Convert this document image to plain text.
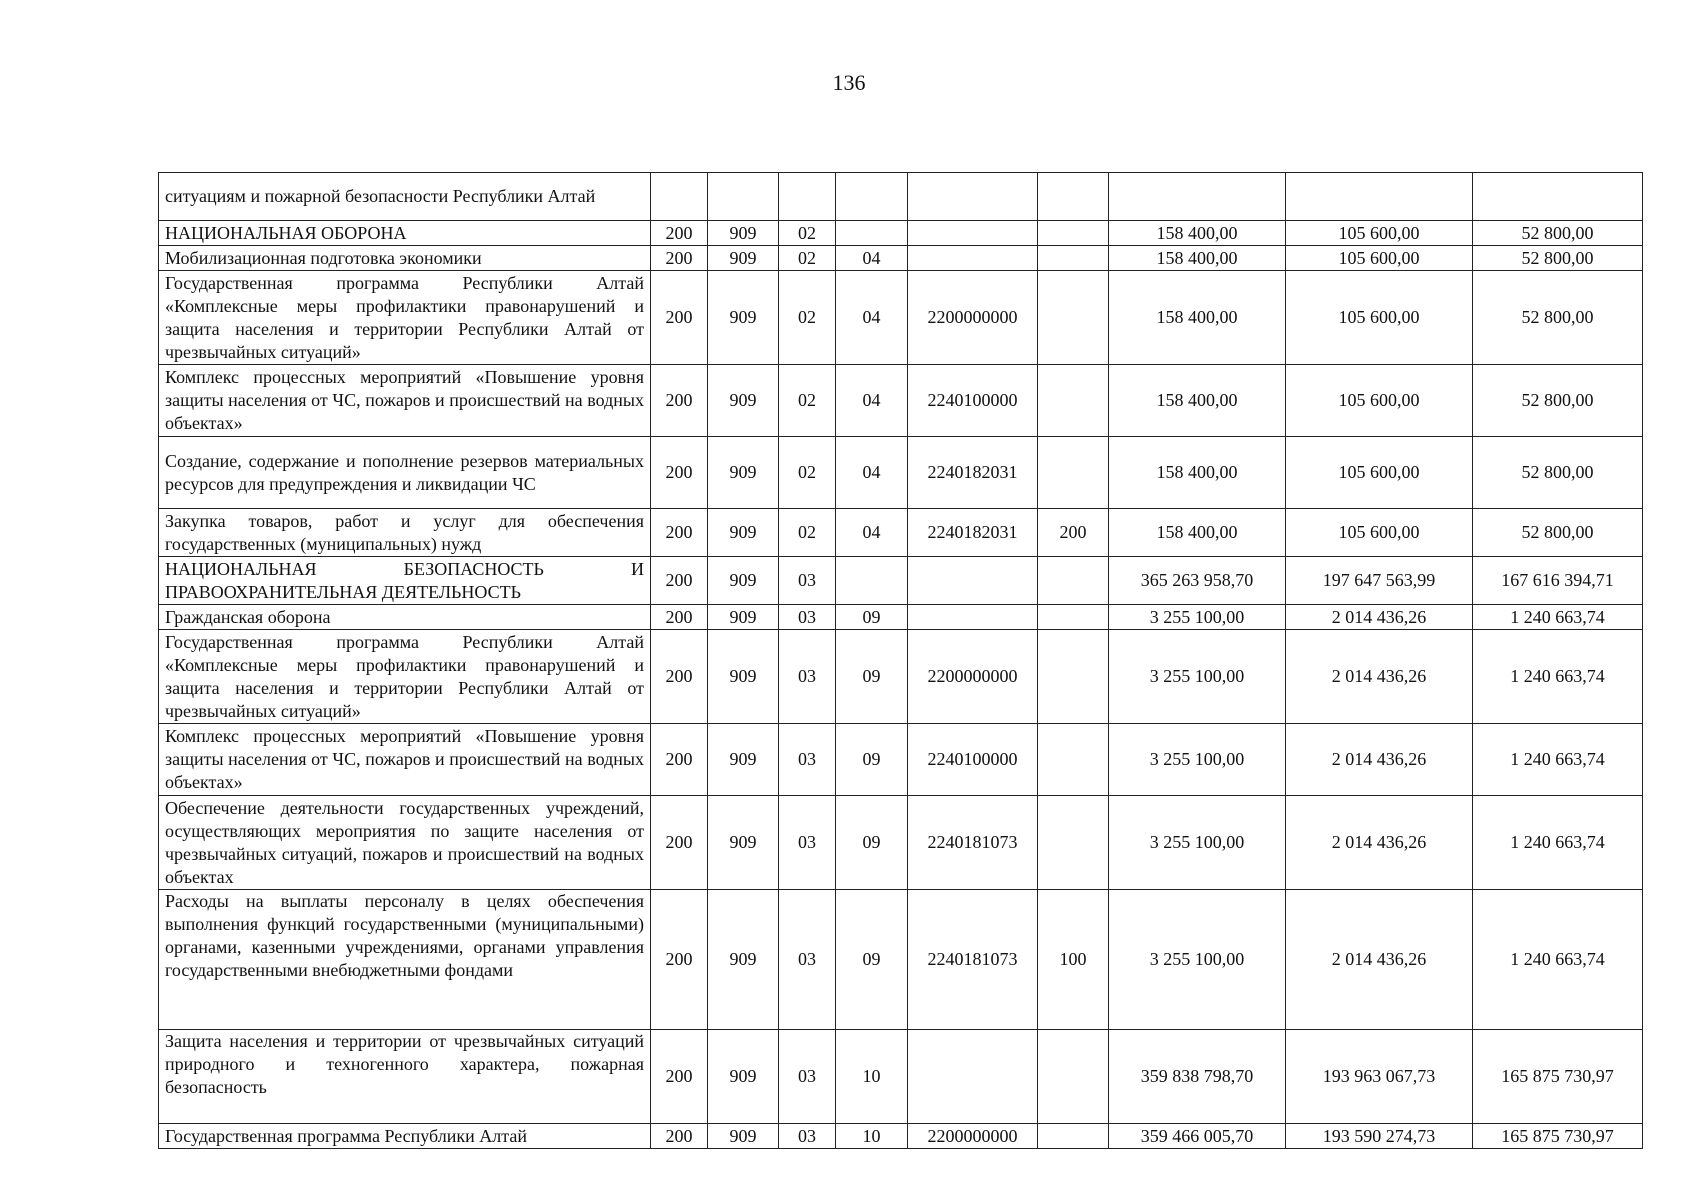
136
ситуациям и пожарной безопасности Республики Алтай									
НАЦИОНАЛЬНАЯ ОБОРОНА	200	909	02				158 400,00	105 600,00	52 800,00
Мобилизационная подготовка экономики	200	909	02	04			158 400,00	105 600,00	52 800,00
Государственная программа Республики Алтай «Комплексные меры профилактики правонарушений и защита населения и территории Республики Алтай от чрезвычайных ситуаций»	200	909	02	04	2200000000		158 400,00	105 600,00	52 800,00
Комплекс процессных мероприятий «Повышение уровня защиты населения от ЧС, пожаров и происшествий на водных объектах»	200	909	02	04	2240100000		158 400,00	105 600,00	52 800,00
Создание, содержание и пополнение резервов материальных ресурсов для предупреждения и ликвидации ЧС	200	909	02	04	2240182031		158 400,00	105 600,00	52 800,00
Закупка товаров, работ и услуг для обеспечения государственных (муниципальных) нужд	200	909	02	04	2240182031	200	158 400,00	105 600,00	52 800,00
НАЦИОНАЛЬНАЯ БЕЗОПАСНОСТЬ И ПРАВООХРАНИТЕЛЬНАЯ ДЕЯТЕЛЬНОСТЬ	200	909	03				365 263 958,70	197 647 563,99	167 616 394,71
Гражданская оборона	200	909	03	09			3 255 100,00	2 014 436,26	1 240 663,74
Государственная программа Республики Алтай «Комплексные меры профилактики правонарушений и защита населения и территории Республики Алтай от чрезвычайных ситуаций»	200	909	03	09	2200000000		3 255 100,00	2 014 436,26	1 240 663,74
Комплекс процессных мероприятий «Повышение уровня защиты населения от ЧС, пожаров и происшествий на водных объектах»	200	909	03	09	2240100000		3 255 100,00	2 014 436,26	1 240 663,74
Обеспечение деятельности государственных учреждений, осуществляющих мероприятия по защите населения от чрезвычайных ситуаций, пожаров и происшествий на водных объектах	200	909	03	09	2240181073		3 255 100,00	2 014 436,26	1 240 663,74
Расходы на выплаты персоналу в целях обеспечения выполнения функций государственными (муниципальными) органами, казенными учреждениями, органами управления государственными внебюджетными фондами	200	909	03	09	2240181073	100	3 255 100,00	2 014 436,26	1 240 663,74
Защита населения и территории от чрезвычайных ситуаций природного и техногенного характера, пожарная безопасность	200	909	03	10			359 838 798,70	193 963 067,73	165 875 730,97
Государственная программа Республики Алтай	200	909	03	10	2200000000		359 466 005,70	193 590 274,73	165 875 730,97
